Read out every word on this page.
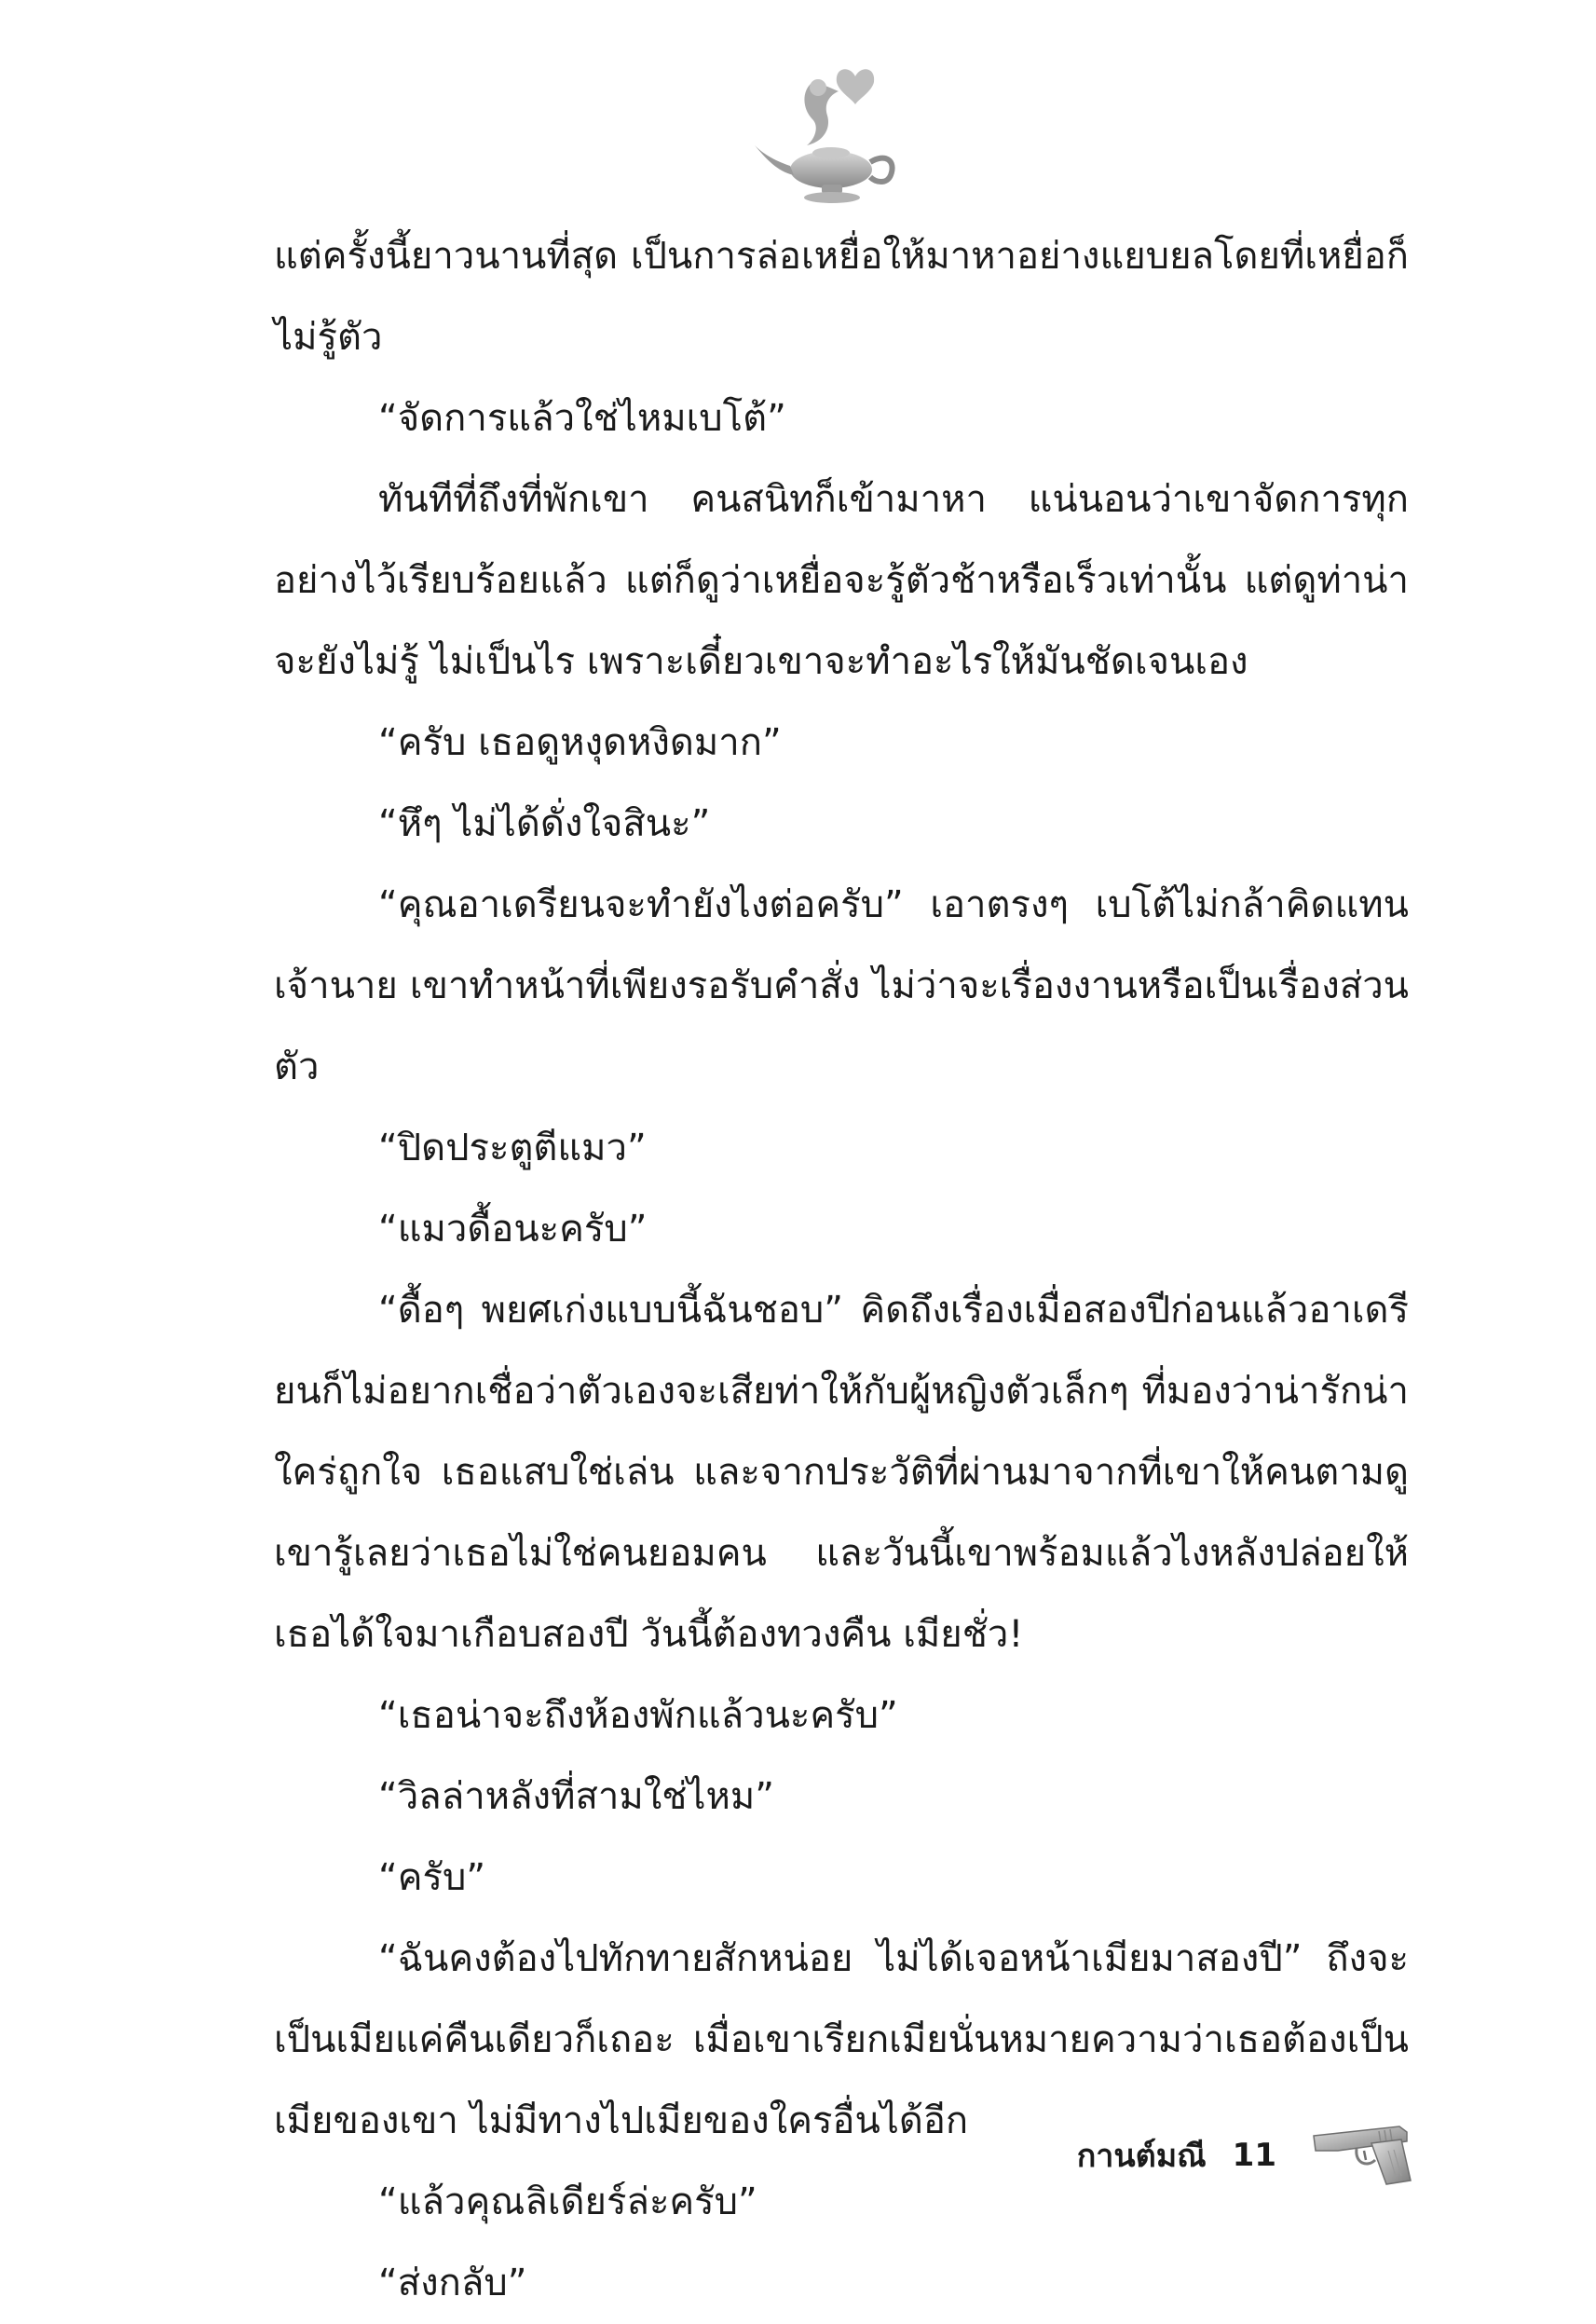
แต่ครั้งนี้ยาวนานที่สุด เป็นการล่อเหยื่อให้มาหาอย่างแยบยลโดยที่เหยื่อก็ไม่รู้ตัว

“จัดการแล้วใช่ไหมเบโต้”

ทันทีที่ถึงที่พักเขา คนสนิทก็เข้ามาหา แน่นอนว่าเขาจัดการทุกอย่างไว้เรียบร้อยแล้ว แต่ก็ดูว่าเหยื่อจะรู้ตัวช้าหรือเร็วเท่านั้น แต่ดูท่าน่าจะยังไม่รู้ ไม่เป็นไร เพราะเดี๋ยวเขาจะทำอะไรให้มันชัดเจนเอง

“ครับ เธอดูหงุดหงิดมาก”

“หึๆ ไม่ได้ดั่งใจสินะ”

“คุณอาเดรียนจะทำยังไงต่อครับ” เอาตรงๆ เบโต้ไม่กล้าคิดแทนเจ้านาย เขาทำหน้าที่เพียงรอรับคำสั่ง ไม่ว่าจะเรื่องงานหรือเป็นเรื่องส่วนตัว

“ปิดประตูตีแมว”

“แมวดื้อนะครับ”

“ดื้อๆ พยศเก่งแบบนี้ฉันชอบ” คิดถึงเรื่องเมื่อสองปีก่อนแล้วอาเดรียนก็ไม่อยากเชื่อว่าตัวเองจะเสียท่าให้กับผู้หญิงตัวเล็กๆ ที่มองว่าน่ารักน่าใคร่ถูกใจ เธอแสบใช่เล่น และจากประวัติที่ผ่านมาจากที่เขาให้คนตามดู เขารู้เลยว่าเธอไม่ใช่คนยอมคน และวันนี้เขาพร้อมแล้วไงหลังปล่อยให้เธอได้ใจมาเกือบสองปี วันนี้ต้องทวงคืน เมียชั่ว!

“เธอน่าจะถึงห้องพักแล้วนะครับ”

“วิลล่าหลังที่สามใช่ไหม”

“ครับ”

“ฉันคงต้องไปทักทายสักหน่อย ไม่ได้เจอหน้าเมียมาสองปี” ถึงจะเป็นเมียแค่คืนเดียวก็เถอะ เมื่อเขาเรียกเมียนั่นหมายความว่าเธอต้องเป็นเมียของเขา ไม่มีทางไปเมียของใครอื่นได้อีก

“แล้วคุณลิเดียร์ล่ะครับ”

“ส่งกลับ”

กานต์มณี 11
